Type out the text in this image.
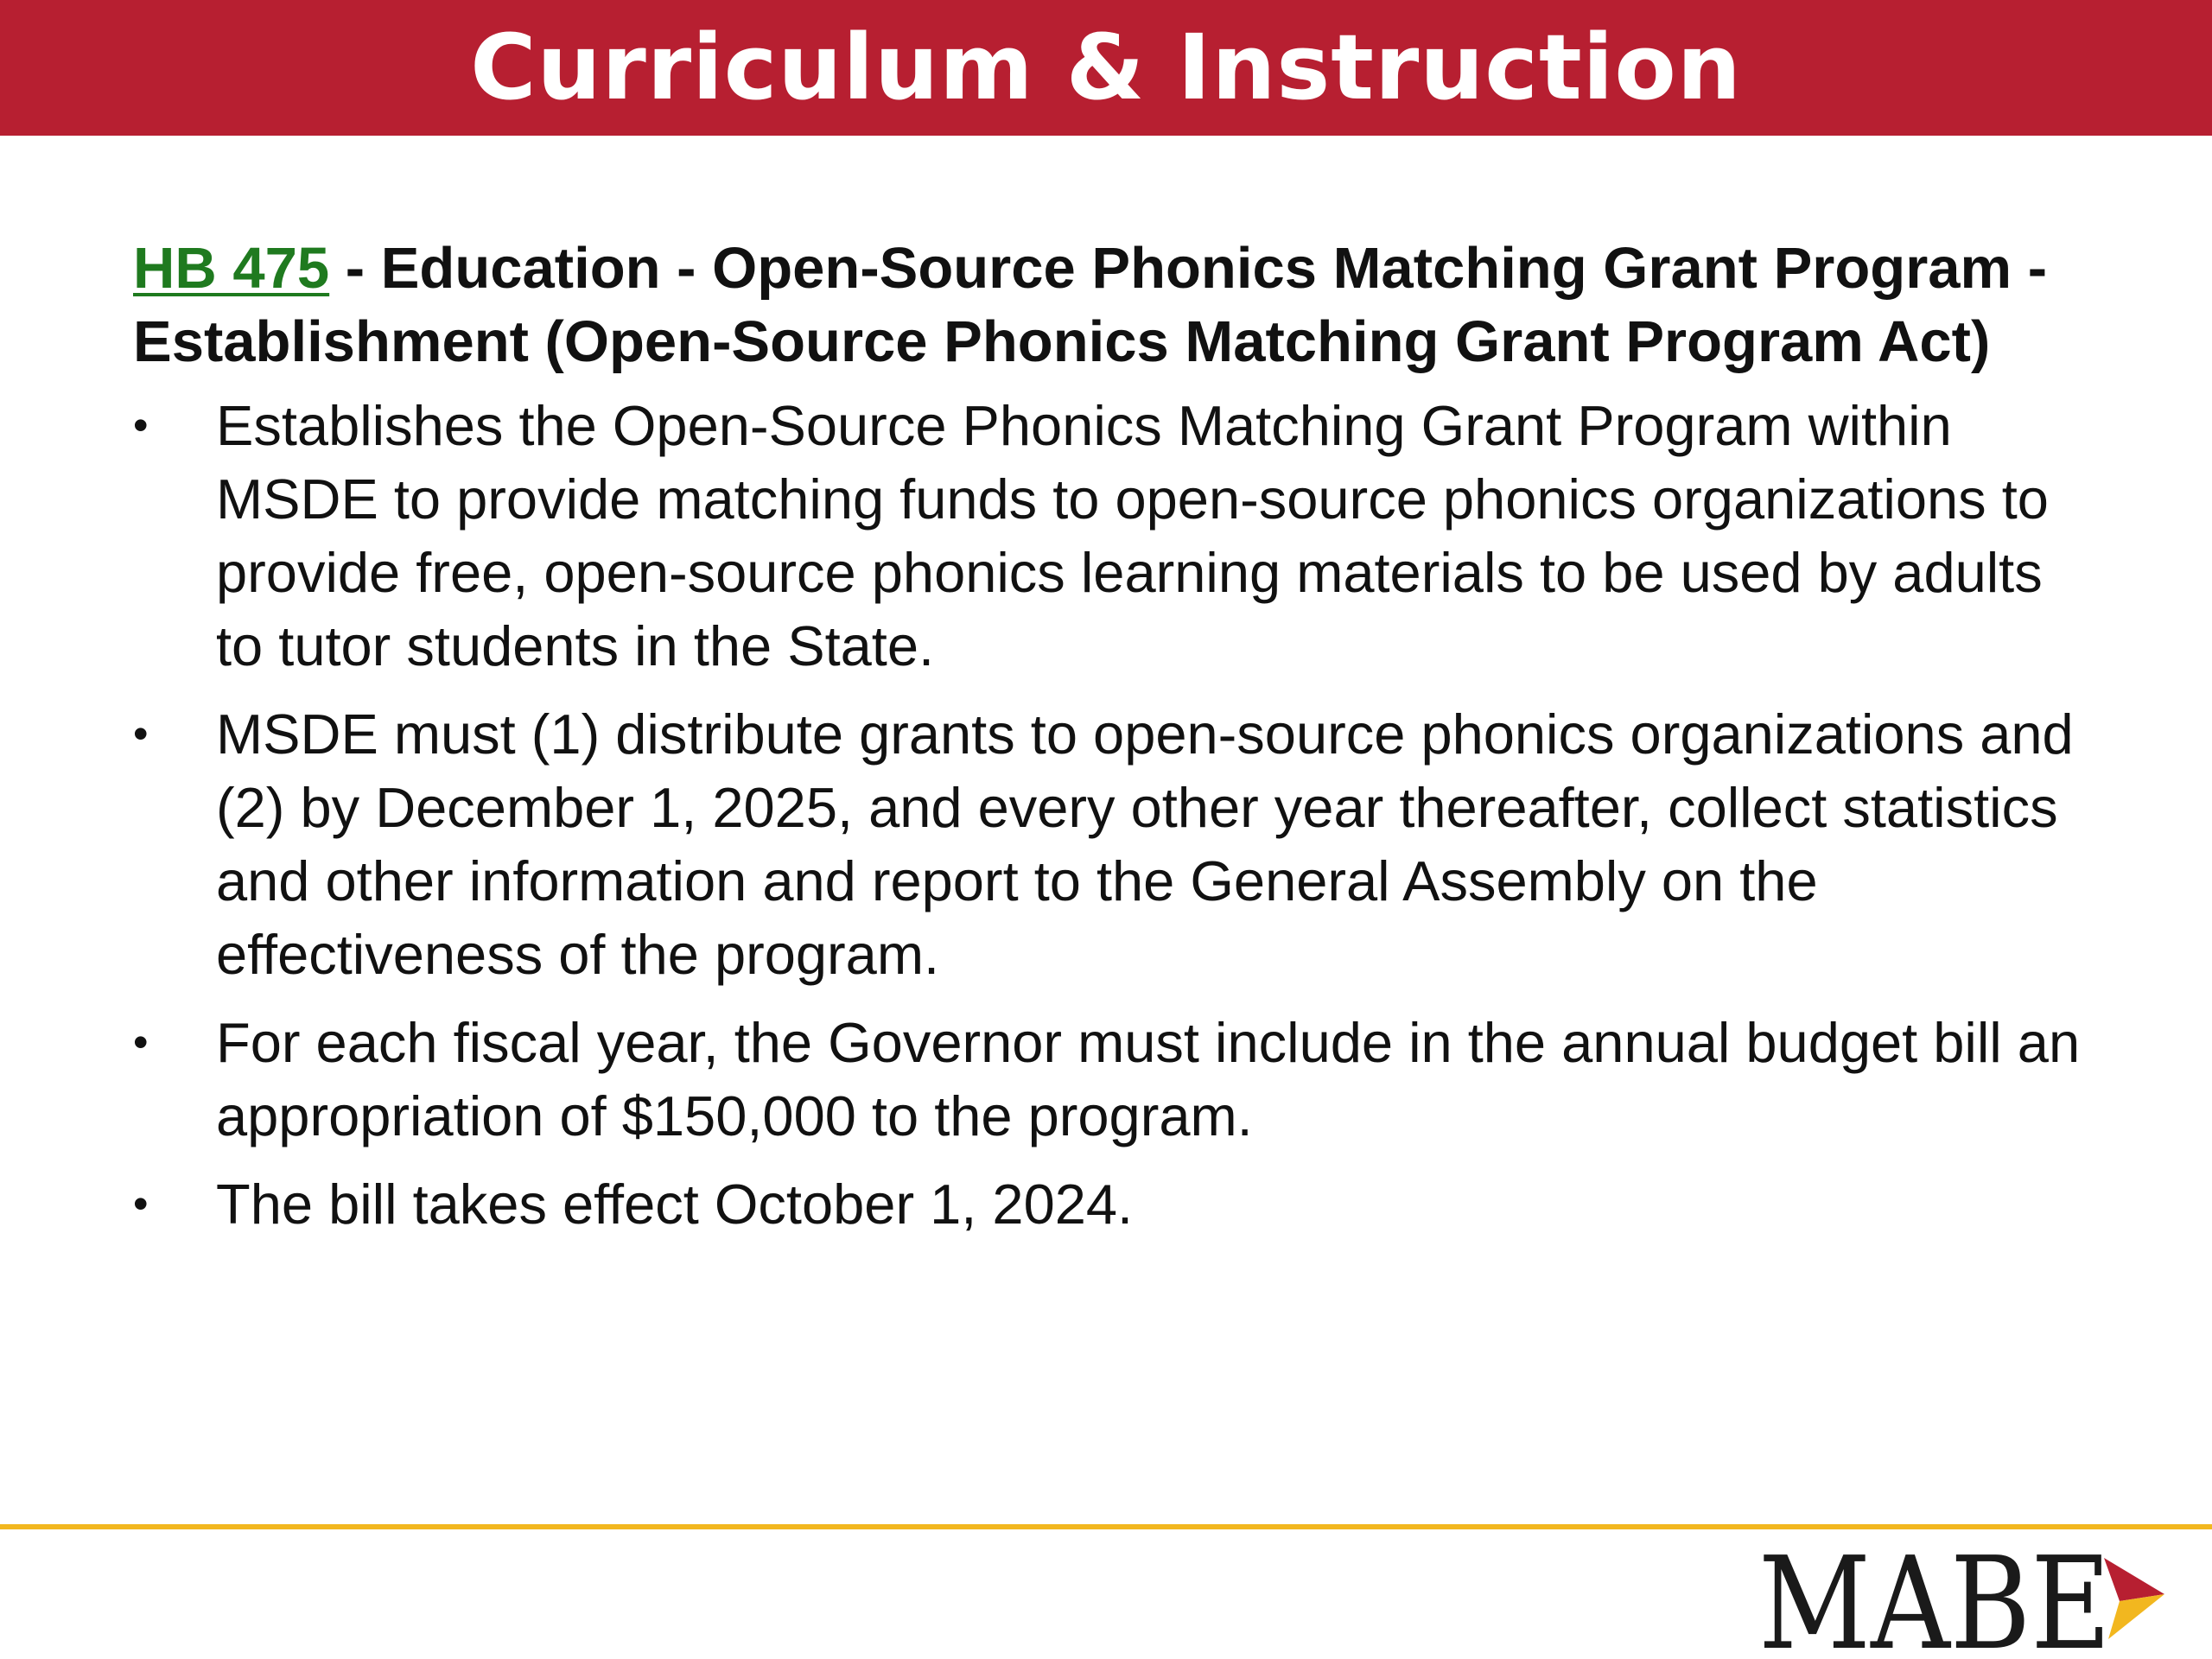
Curriculum & Instruction

HB 475 - Education - Open-Source Phonics Matching Grant Program - Establishment (Open-Source Phonics Matching Grant Program Act)

• Establishes the Open-Source Phonics Matching Grant Program within MSDE to provide matching funds to open-source phonics organizations to provide free, open-source phonics learning materials to be used by adults to tutor students in the State.
• MSDE must (1) distribute grants to open-source phonics organizations and (2) by December 1, 2025, and every other year thereafter, collect statistics and other information and report to the General Assembly on the effectiveness of the program.
• For each fiscal year, the Governor must include in the annual budget bill an appropriation of $150,000 to the program.
• The bill takes effect October 1, 2024.
MABE
